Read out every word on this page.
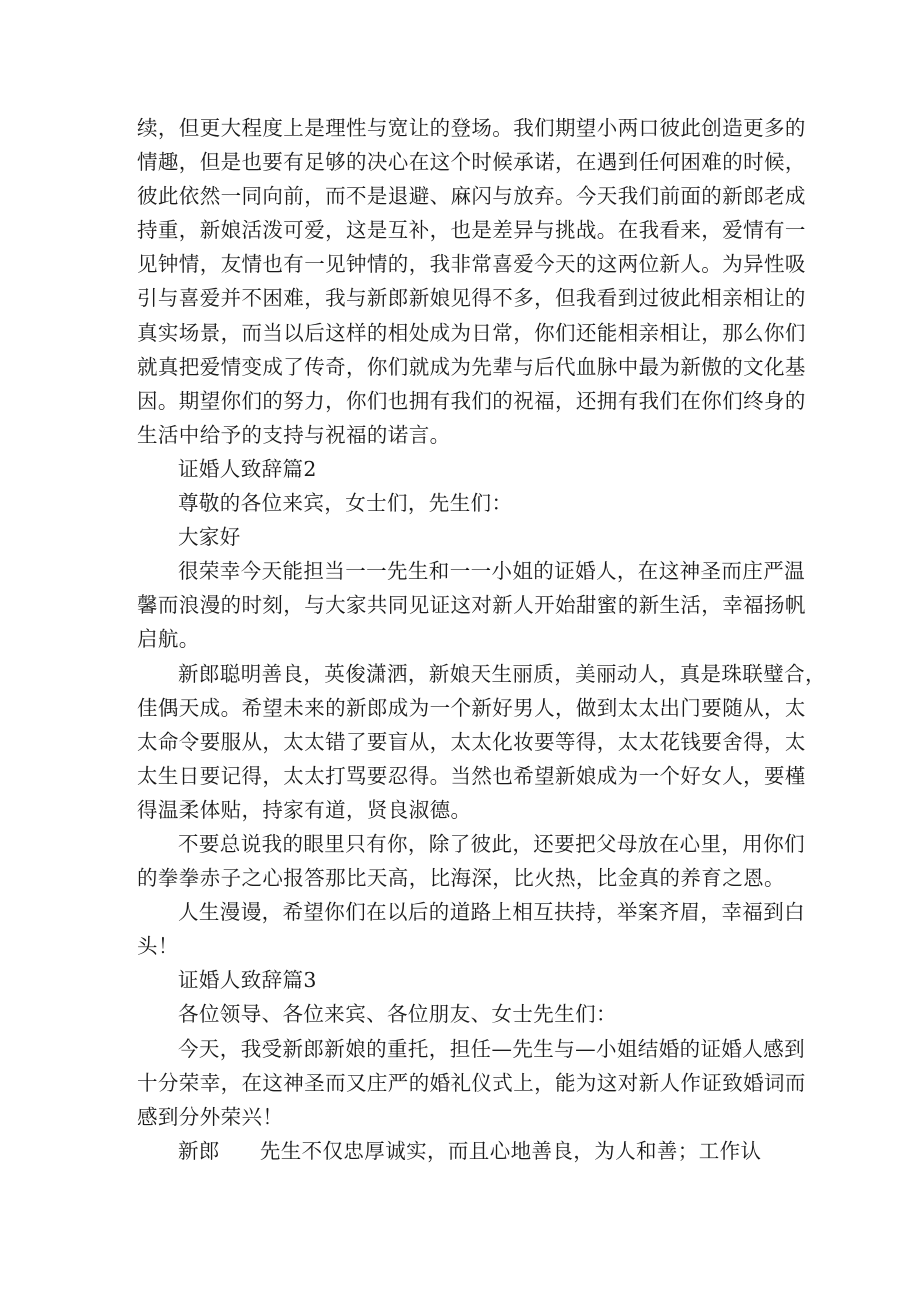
续，但更大程度上是理性与宽让的登场。我们期望小两口彼此创造更多的
情趣，但是也要有足够的决心在这个时候承诺，在遇到任何困难的时候，
彼此依然一同向前，而不是退避、麻闪与放弃。今天我们前面的新郎老成
持重，新娘活泼可爱，这是互补，也是差异与挑战。在我看来，爱情有一
见钟情，友情也有一见钟情的，我非常喜爱今天的这两位新人。为异性吸
引与喜爱并不困难，我与新郎新娘见得不多，但我看到过彼此相亲相让的
真实场景，而当以后这样的相处成为日常，你们还能相亲相让，那么你们
就真把爱情变成了传奇，你们就成为先辈与后代血脉中最为新傲的文化基
因。期望你们的努力，你们也拥有我们的祝福，还拥有我们在你们终身的
生活中给予的支持与祝福的诺言。
证婚人致辞篇2
尊敬的各位来宾，女士们，先生们：
大家好
很荣幸今天能担当一一先生和一一小姐的证婚人，在这神圣而庄严温
馨而浪漫的时刻，与大家共同见证这对新人开始甜蜜的新生活，幸福扬帆
启航。
新郎聪明善良，英俊潇洒，新娘天生丽质，美丽动人，真是珠联璧合，
佳偶天成。希望未来的新郎成为一个新好男人，做到太太出门要随从，太
太命令要服从，太太错了要盲从，太太化妆要等得，太太花钱要舍得，太
太生日要记得，太太打骂要忍得。当然也希望新娘成为一个好女人，要槿
得温柔体贴，持家有道，贤良淑德。
不要总说我的眼里只有你，除了彼此，还要把父母放在心里，用你们
的拳拳赤子之心报答那比天高，比海深，比火热，比金真的养育之恩。
人生漫谩，希望你们在以后的道路上相互扶持，举案齐眉，幸福到白
头！
证婚人致辞篇3
各位领导、各位来宾、各位朋友、女士先生们：
今天，我受新郎新娘的重托，担任—先生与—小姐结婚的证婚人感到
十分荣幸，在这神圣而又庄严的婚礼仪式上，能为这对新人作证致婚词而
感到分外荣兴！
新郎 先生不仅忠厚诚实，而且心地善良，为人和善；工作认
